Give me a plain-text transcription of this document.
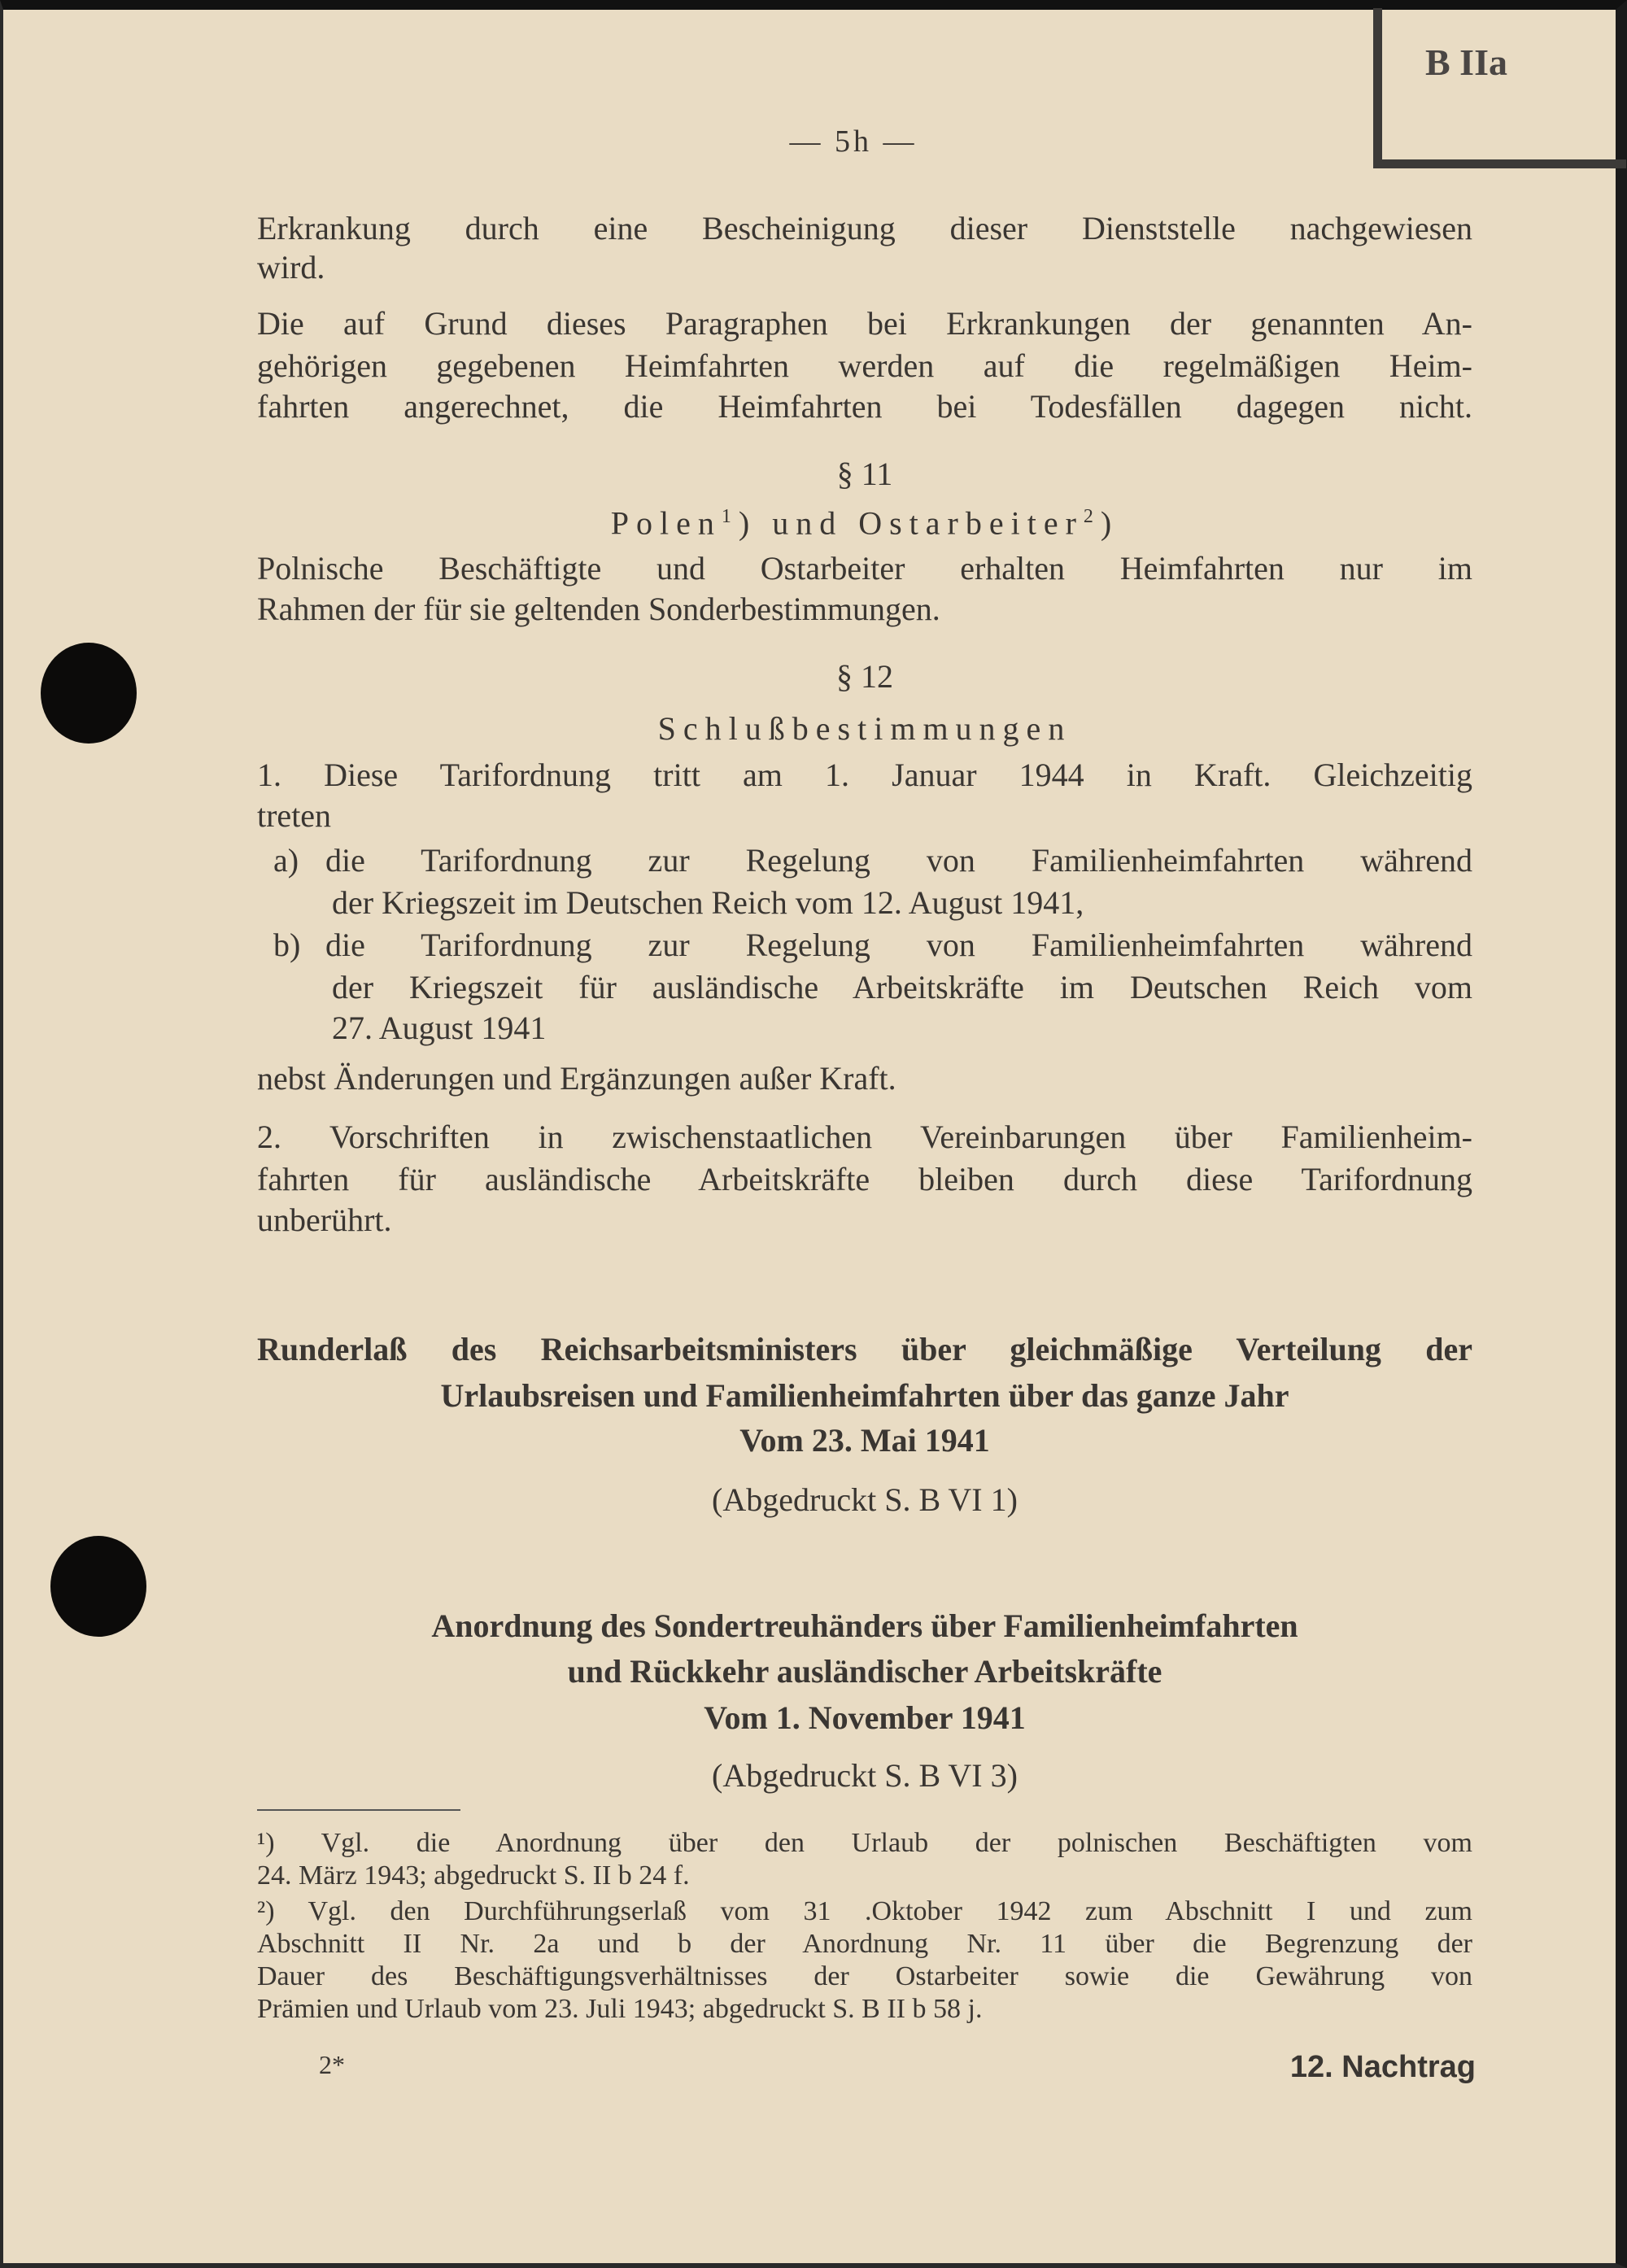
B IIa
— 5h —
Erkrankung durch eine Bescheinigung dieser Dienststelle nachgewiesen
wird.
Die auf Grund dieses Paragraphen bei Erkrankungen der genannten An-
gehörigen gegebenen Heimfahrten werden auf die regelmäßigen Heim-
fahrten angerechnet, die Heimfahrten bei Todesfällen dagegen nicht.
§ 11
Polen$^1$) und Ostarbeiter$^2$)
Polnische Beschäftigte und Ostarbeiter erhalten Heimfahrten nur im
Rahmen der für sie geltenden Sonderbestimmungen.
§ 12
Schlußbestimmungen
1. Diese Tarifordnung tritt am 1. Januar 1944 in Kraft. Gleichzeitig
treten
a) die Tarifordnung zur Regelung von Familienheimfahrten während
der Kriegszeit im Deutschen Reich vom 12. August 1941,
b) die Tarifordnung zur Regelung von Familienheimfahrten während
der Kriegszeit für ausländische Arbeitskräfte im Deutschen Reich vom
27. August 1941
nebst Änderungen und Ergänzungen außer Kraft.
2. Vorschriften in zwischenstaatlichen Vereinbarungen über Familienheim-
fahrten für ausländische Arbeitskräfte bleiben durch diese Tarifordnung
unberührt.
Runderlaß des Reichsarbeitsministers über gleichmäßige Verteilung der
Urlaubsreisen und Familienheimfahrten über das ganze Jahr
Vom 23. Mai 1941
(Abgedruckt S. B VI 1)
Anordnung des Sondertreuhänders über Familienheimfahrten
und Rückkehr ausländischer Arbeitskräfte
Vom 1. November 1941
(Abgedruckt S. B VI 3)
¹) Vgl. die Anordnung über den Urlaub der polnischen Beschäftigten vom
24. März 1943; abgedruckt S. II b 24 f.
²) Vgl. den Durchführungserlaß vom 31 .Oktober 1942 zum Abschnitt I und zum
Abschnitt II Nr. 2a und b der Anordnung Nr. 11 über die Begrenzung der
Dauer des Beschäftigungsverhältnisses der Ostarbeiter sowie die Gewährung von
Prämien und Urlaub vom 23. Juli 1943; abgedruckt S. B II b 58 j.
2*	12. Nachtrag
